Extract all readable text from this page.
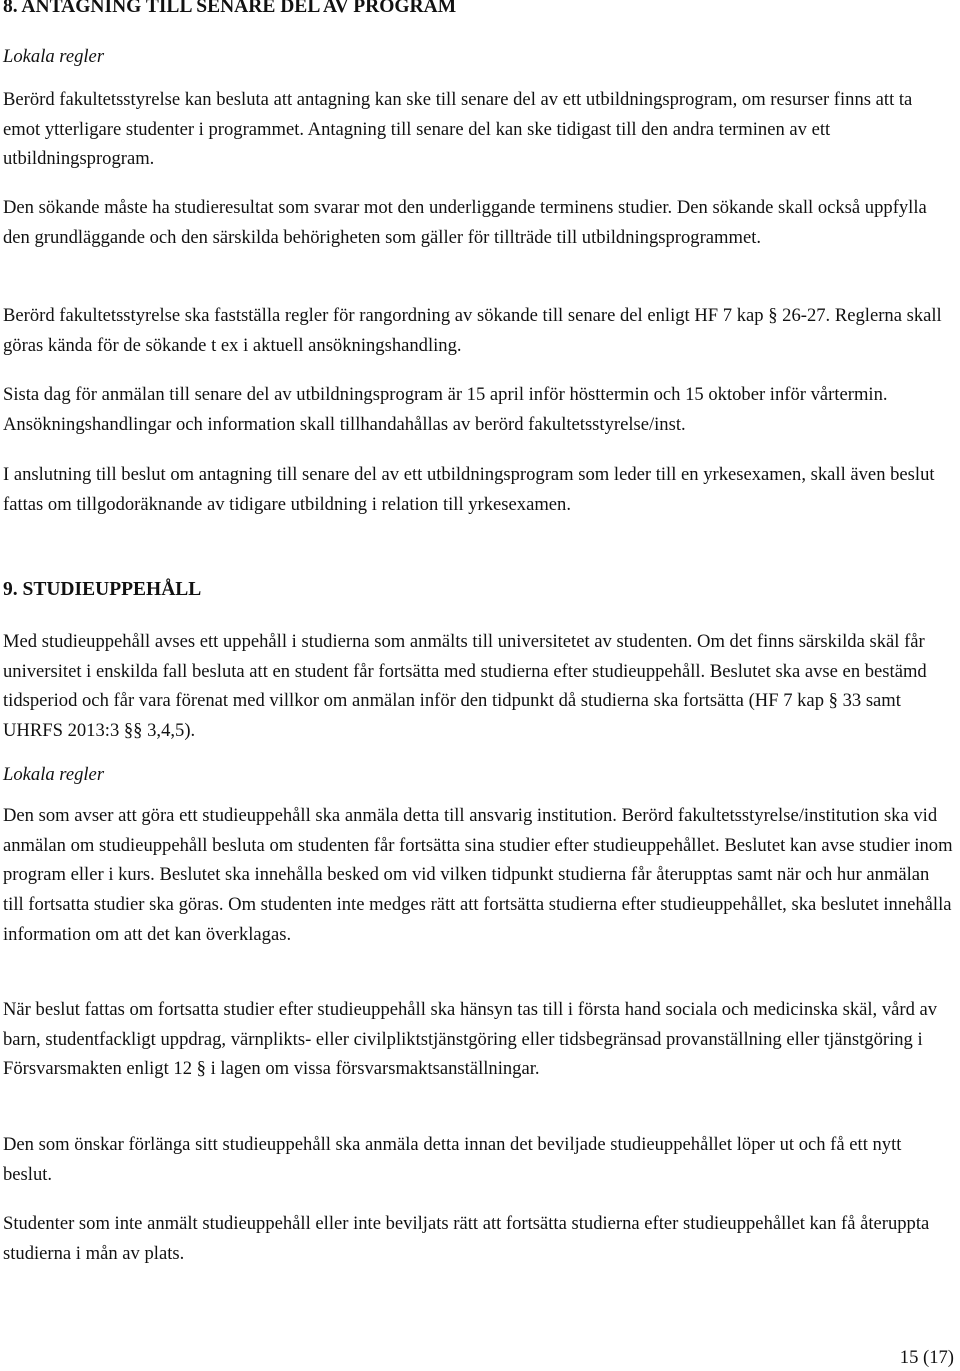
8. ANTAGNING TILL SENARE DEL AV PROGRAM

Lokala regler

Berörd fakultetsstyrelse kan besluta att antagning kan ske till senare del av ett utbildningsprogram, om resurser finns att ta emot ytterligare studenter i programmet. Antagning till senare del kan ske tidigast till den andra terminen av ett utbildningsprogram.

Den sökande måste ha studieresultat som svarar mot den underliggande terminens studier. Den sökande skall också uppfylla den grundläggande och den särskilda behörigheten som gäller för tillträde till utbildningsprogrammet.

Berörd fakultetsstyrelse ska fastställa regler för rangordning av sökande till senare del enligt HF 7 kap § 26-27. Reglerna skall göras kända för de sökande t ex i aktuell ansökningshandling.

Sista dag för anmälan till senare del av utbildningsprogram är 15 april inför hösttermin och 15 oktober inför vårtermin. Ansökningshandlingar och information skall tillhandahållas av berörd fakultetsstyrelse/inst.

I anslutning till beslut om antagning till senare del av ett utbildningsprogram som leder till en yrkesexamen, skall även beslut fattas om tillgodoräknande av tidigare utbildning i relation till yrkesexamen.

9. STUDIEUPPEHÅLL

Med studieuppehåll avses ett uppehåll i studierna som anmälts till universitetet av studenten. Om det finns särskilda skäl får universitet i enskilda fall besluta att en student får fortsätta med studierna efter studieuppehåll. Beslutet ska avse en bestämd tidsperiod och får vara förenat med villkor om anmälan inför den tidpunkt då studierna ska fortsätta (HF 7 kap § 33 samt UHRFS 2013:3 §§ 3,4,5).

Lokala regler

Den som avser att göra ett studieuppehåll ska anmäla detta till ansvarig institution. Berörd fakultetsstyrelse/institution ska vid anmälan om studieuppehåll besluta om studenten får fortsätta sina studier efter studieuppehållet. Beslutet kan avse studier inom program eller i kurs. Beslutet ska innehålla besked om vid vilken tidpunkt studierna får återupptas samt när och hur anmälan till fortsatta studier ska göras. Om studenten inte medges rätt att fortsätta studierna efter studieuppehållet, ska beslutet innehålla information om att det kan överklagas.

När beslut fattas om fortsatta studier efter studieuppehåll ska hänsyn tas till i första hand sociala och medicinska skäl, vård av barn, studentfackligt uppdrag, värnplikts- eller civilpliktstjänstgöring eller tidsbegränsad provanställning eller tjänstgöring i Försvarsmakten enligt 12 § i lagen om vissa försvarsmaktsanställningar.

Den som önskar förlänga sitt studieuppehåll ska anmäla detta innan det beviljade studieuppehållet löper ut och få ett nytt beslut.

Studenter som inte anmält studieuppehåll eller inte beviljats rätt att fortsätta studierna efter studieuppehållet kan få återuppta studierna i mån av plats.

15 (17)
